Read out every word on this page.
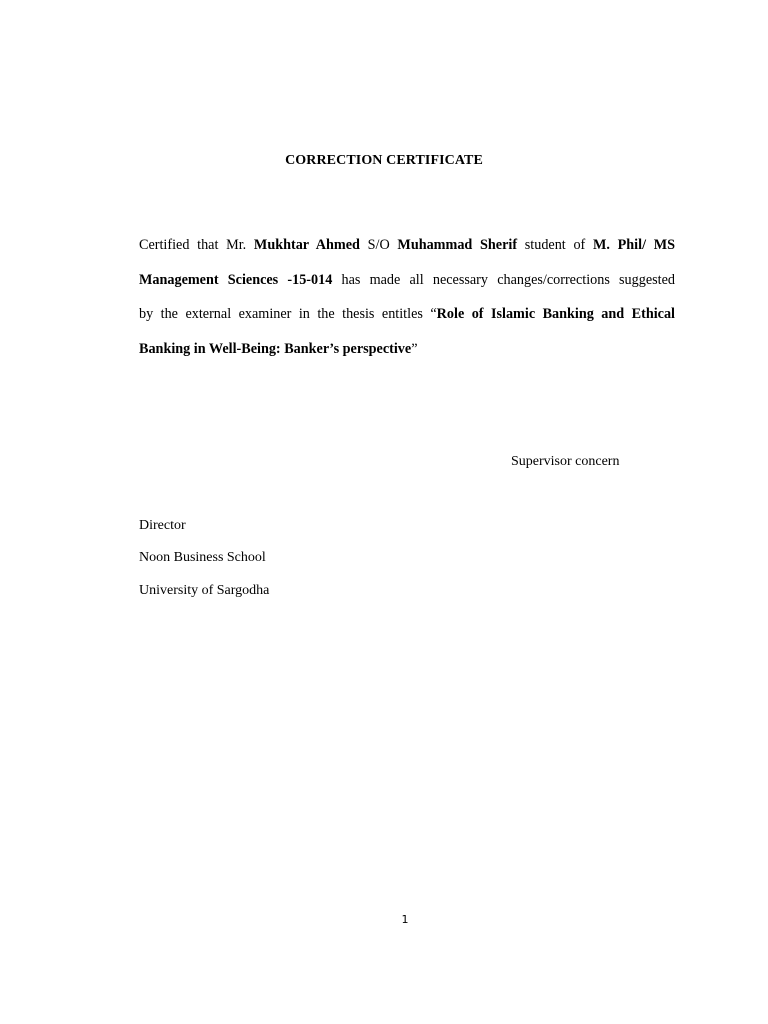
CORRECTION CERTIFICATE
Certified that Mr. Mukhtar Ahmed S/O Muhammad Sherif student of M. Phil/ MS
Management Sciences -15-014 has made all necessary changes/corrections suggested
by the external examiner in the thesis entitles “Role of Islamic Banking and Ethical
Banking in Well-Being: Banker’s perspective”
Supervisor concern
Director
Noon Business School
University of Sargodha
1
